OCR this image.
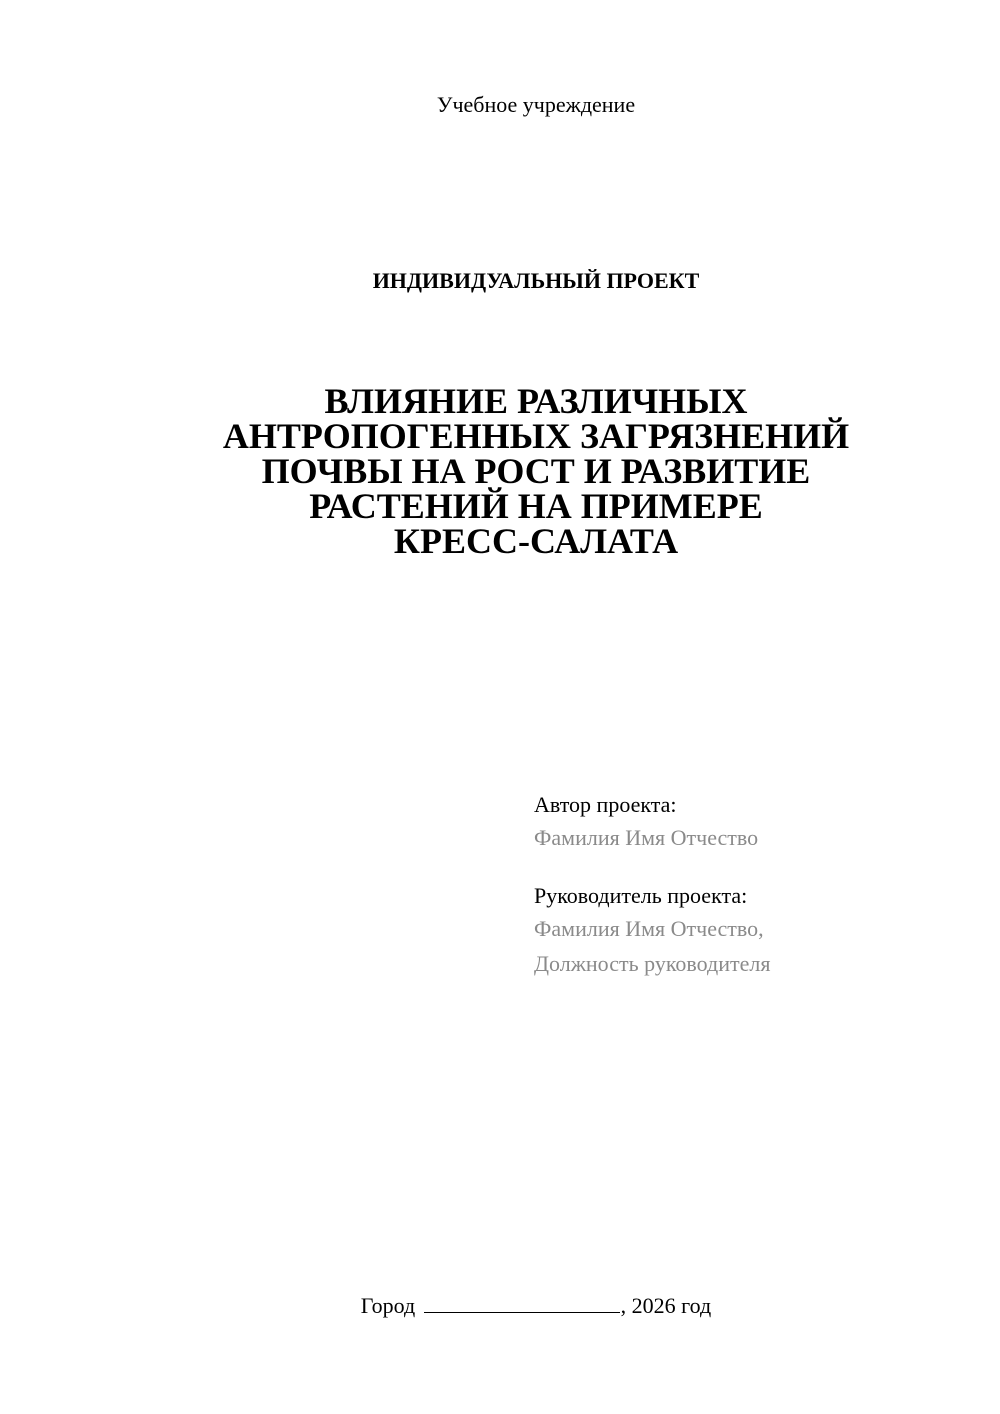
Учебное учреждение
ИНДИВИДУАЛЬНЫЙ ПРОЕКТ
ВЛИЯНИЕ РАЗЛИЧНЫХ
АНТРОПОГЕННЫХ ЗАГРЯЗНЕНИЙ
ПОЧВЫ НА РОСТ И РАЗВИТИЕ
РАСТЕНИЙ НА ПРИМЕРЕ
КРЕСС-САЛАТА
Автор проекта:
Фамилия Имя Отчество
Руководитель проекта:
Фамилия Имя Отчество,
Должность руководителя
Город	, 2026 год
